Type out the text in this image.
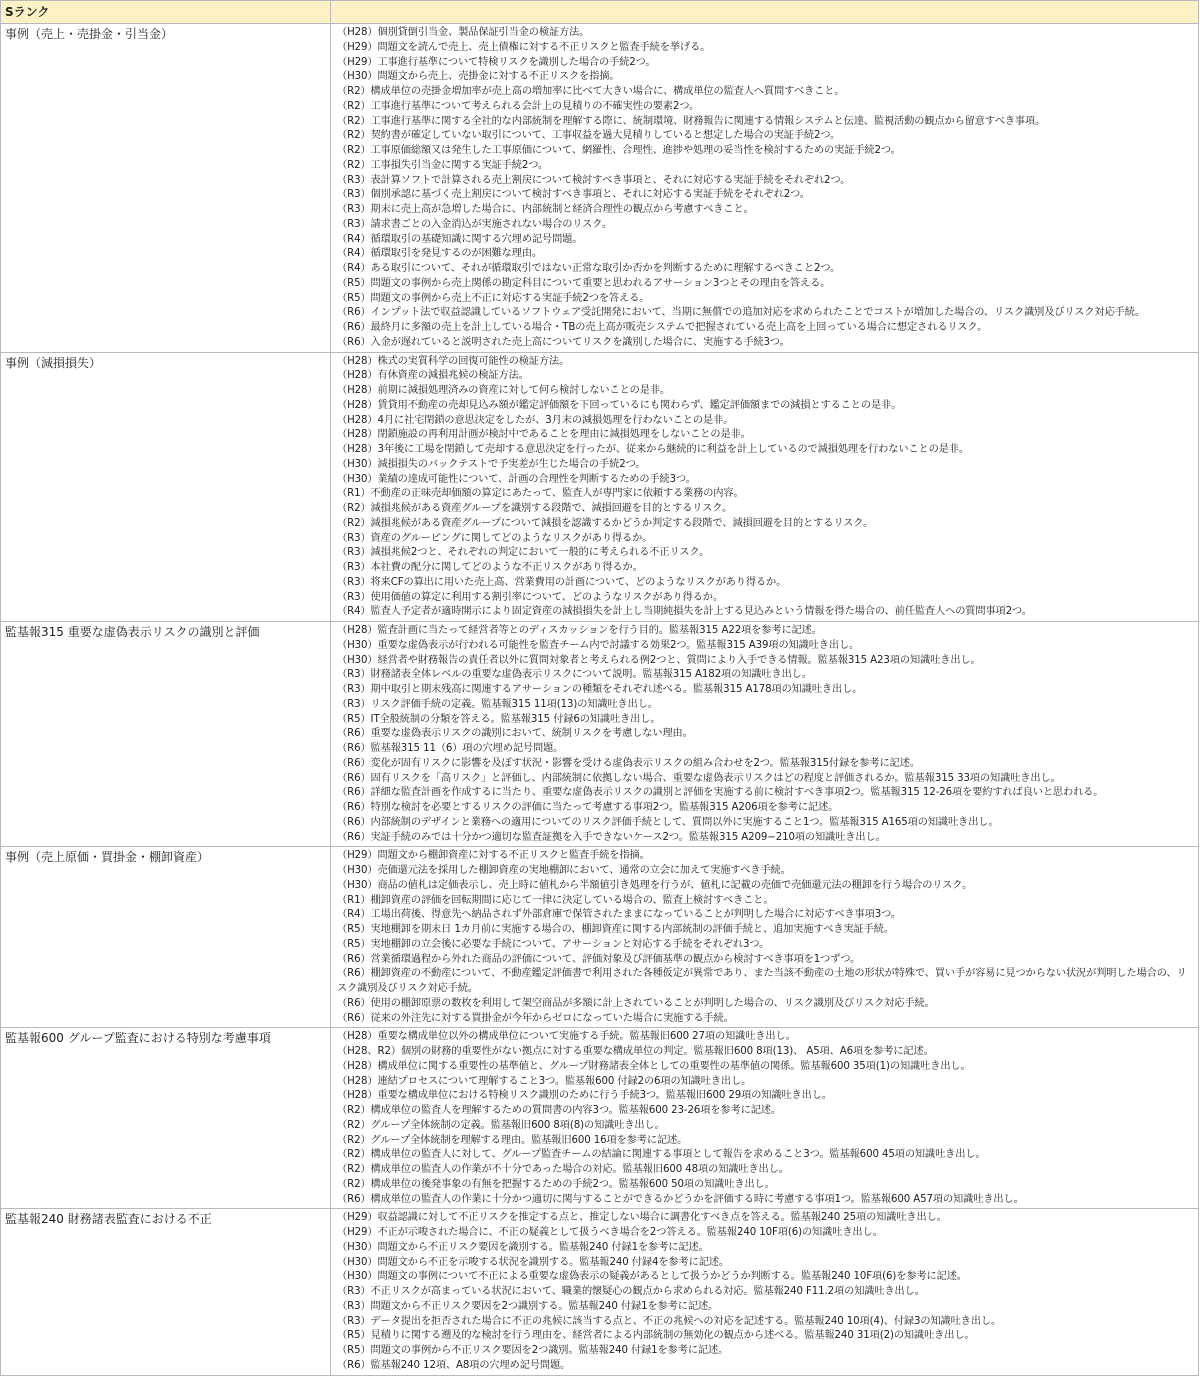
Sランク
事例（売上・売掛金・引当金）	（H28）個別貸倒引当金、製品保証引当金の検証方法。
（H29）問題文を読んで売上、売上債権に対する不正リスクと監査手続を挙げる。
（H29）工事進行基準について特検リスクを識別した場合の手続2つ。
（H30）問題文から売上、売掛金に対する不正リスクを指摘。
（R2）構成単位の売掛金増加率が売上高の増加率に比べて大きい場合に、構成単位の監査人へ質問すべきこと。
（R2）工事進行基準について考えられる会計上の見積りの不確実性の要素2つ。
（R2）工事進行基準に関する全社的な内部統制を理解する際に、統制環境、財務報告に関連する情報システムと伝達、監視活動の観点から留意すべき事項。
（R2）契約書が確定していない取引について、工事収益を過大見積りしていると想定した場合の実証手続2つ。
（R2）工事原価総額又は発生した工事原価について、網羅性、合理性、進捗や処理の妥当性を検討するための実証手続2つ。
（R2）工事損失引当金に関する実証手続2つ。
（R3）表計算ソフトで計算される売上割戻について検討すべき事項と、それに対応する実証手続をそれぞれ2つ。
（R3）個別承認に基づく売上割戻について検討すべき事項と、それに対応する実証手続をそれぞれ2つ。
（R3）期末に売上高が急増した場合に、内部統制と経済合理性の観点から考慮すべきこと。
（R3）請求書ごとの入金消込が実施されない場合のリスク。
（R4）循環取引の基礎知識に関する穴埋め記号問題。
（R4）循環取引を発見するのが困難な理由。
（R4）ある取引について、それが循環取引ではない正常な取引か否かを判断するために理解するべきこと2つ。
（R5）問題文の事例から売上関係の勘定科目について重要と思われるアサーション3つとその理由を答える。
（R5）問題文の事例から売上不正に対応する実証手続2つを答える。
（R6）インプット法で収益認識しているソフトウェア受託開発において、当期に無償での追加対応を求められたことでコストが増加した場合の、リスク識別及びリスク対応手続。
（R6）最終月に多額の売上を計上している場合・TBの売上高が販売システムで把握されている売上高を上回っている場合に想定されるリスク。
（R6）入金が遅れていると説明された売上高についてリスクを識別した場合に、実施する手続3つ。
事例（減損損失）	（H28）株式の実質科学の回復可能性の検証方法。
（H28）有休資産の減損兆候の検証方法。
（H28）前期に減損処理済みの資産に対して何ら検討しないことの是非。
（H28）賃貸用不動産の売却見込み額が鑑定評価額を下回っているにも関わらず、鑑定評価額までの減損とすることの是非。
（H28）4月に社宅閉鎖の意思決定をしたが、3月末の減損処理を行わないことの是非。
（H28）閉鎖施設の再利用計画が検討中であることを理由に減損処理をしないことの是非。
（H28）3年後に工場を閉鎖して売却する意思決定を行ったが、従来から継続的に利益を計上しているので減損処理を行わないことの是非。
（H30）減損損失のバックテストで予実差が生じた場合の手続2つ。
（H30）業績の達成可能性について、計画の合理性を判断するための手続3つ。
（R1）不動産の正味売却価額の算定にあたって、監査人が専門家に依頼する業務の内容。
（R2）減損兆候がある資産グループを識別する段階で、減損回避を目的とするリスク。
（R2）減損兆候がある資産グループについて減損を認識するかどうか判定する段階で、減損回避を目的とするリスク。
（R3）資産のグルーピングに関してどのようなリスクがあり得るか。
（R3）減損兆候2つと、それぞれの判定において一般的に考えられる不正リスク。
（R3）本社費の配分に関してどのような不正リスクがあり得るか。
（R3）将来CFの算出に用いた売上高、営業費用の計画について、どのようなリスクがあり得るか。
（R3）使用価値の算定に利用する割引率について、どのようなリスクがあり得るか。
（R4）監査人予定者が適時開示により固定資産の減損損失を計上し当期純損失を計上する見込みという情報を得た場合の、前任監査人への質問事項2つ。
監基報315 重要な虚偽表示リスクの識別と評価	（H28）監査計画に当たって経営者等とのディスカッションを行う目的。監基報315 A22項を参考に記述。
（H30）重要な虚偽表示が行われる可能性を監査チーム内で討議する効果2つ。監基報315 A39項の知識吐き出し。
（H30）経営者や財務報告の責任者以外に質問対象者と考えられる例2つと、質問により入手できる情報。監基報315 A23項の知識吐き出し。
（R3）財務諸表全体レベルの重要な虚偽表示リスクについて説明。監基報315 A182項の知識吐き出し。
（R3）期中取引と期末残高に関連するアサーションの種類をそれぞれ述べる。監基報315 A178項の知識吐き出し。
（R3）リスク評価手続の定義。監基報315 11項(13)の知識吐き出し。
（R5）IT全般統制の分類を答える。監基報315 付録6の知識吐き出し。
（R6）重要な虚偽表示リスクの識別において、統制リスクを考慮しない理由。
（R6）監基報315 11（6）項の穴埋め記号問題。
（R6）変化が固有リスクに影響を及ぼす状況・影響を受ける虚偽表示リスクの組み合わせを2つ。監基報315付録を参考に記述。
（R6）固有リスクを「高リスク」と評価し、内部統制に依拠しない場合、重要な虚偽表示リスクはどの程度と評価されるか。監基報315 33項の知識吐き出し。
（R6）詳細な監査計画を作成するに当たり、重要な虚偽表示リスクの識別と評価を実施する前に検討すべき事項2つ。監基報315 12-26項を要約すれば良いと思われる。
（R6）特別な検討を必要とするリスクの評価に当たって考慮する事項2つ。監基報315 A206項を参考に記述。
（R6）内部統制のデザインと業務への適用についてのリスク評価手続として、質問以外に実施すること1つ。監基報315 A165項の知識吐き出し。
（R6）実証手続のみでは十分かつ適切な監査証拠を入手できないケース2つ。監基報315 A209−210項の知識吐き出し。
事例（売上原価・買掛金・棚卸資産）	（H29）問題文から棚卸資産に対する不正リスクと監査手続を指摘。
（H30）売価還元法を採用した棚卸資産の実地棚卸において、通常の立会に加えて実施すべき手続。
（H30）商品の値札は定価表示し、売上時に値札から半額値引き処理を行うが、値札に記載の売価で売価還元法の棚卸を行う場合のリスク。
（R1）棚卸資産の評価を回転期間に応じて一律に決定している場合の、監査上検討すべきこと。
（R4）工場出荷後、得意先へ納品されず外部倉庫で保管されたままになっていることが判明した場合に対応すべき事項3つ。
（R5）実地棚卸を期末日 1カ月前に実施する場合の、棚卸資産に関する内部統制の評価手続と、追加実施すべき実証手続。
（R5）実地棚卸の立会後に必要な手続について、アサーションと対応する手続をそれぞれ3つ。
（R6）営業循環過程から外れた商品の評価について、評価対象及び評価基準の観点から検討すべき事項を1つずつ。
（R6）棚卸資産の不動産について、不動産鑑定評価書で利用された各種仮定が異常であり、また当該不動産の土地の形状が特殊で、買い手が容易に見つからない状況が判明した場合の、リスク識別及びリスク対応手続。
（R6）使用の棚卸原票の数枚を利用して架空商品が多額に計上されていることが判明した場合の、リスク識別及びリスク対応手続。
（R6）従来の外注先に対する買掛金が今年からゼロになっていた場合に実施する手続。
監基報600 グループ監査における特別な考慮事項	（H28）重要な構成単位以外の構成単位について実施する手続。監基報旧600 27項の知識吐き出し。
（H28、R2）個別の財務的重要性がない拠点に対する重要な構成単位の判定。監基報旧600 8項(13)、 A5項、A6項を参考に記述。
（H28）構成単位に関する重要性の基準値と、グループ財務諸表全体としての重要性の基準値の関係。監基報600 35項(1)の知識吐き出し。
（H28）連結プロセスについて理解すること3つ。監基報600 付録2の6項の知識吐き出し。
（H28）重要な構成単位における特検リスク識別のために行う手続3つ。監基報旧600 29項の知識吐き出し。
（R2）構成単位の監査人を理解するための質問書の内容3つ。監基報600 23-26項を参考に記述。
（R2）グループ全体統制の定義。監基報旧600 8項(8)の知識吐き出し。
（R2）グループ全体統制を理解する理由。監基報旧600 16項を参考に記述。
（R2）構成単位の監査人に対して、グループ監査チームの結論に関連する事項として報告を求めること3つ。監基報600 45項の知識吐き出し。
（R2）構成単位の監査人の作業が不十分であった場合の対応。監基報旧600 48項の知識吐き出し。
（R2）構成単位の後発事象の有無を把握するための手続2つ。監基報600 50項の知識吐き出し。
（R6）構成単位の監査人の作業に十分かつ適切に関与することができるかどうかを評価する時に考慮する事項1つ。監基報600 A57項の知識吐き出し。
監基報240 財務諸表監査における不正	（H29）収益認識に対して不正リスクを推定する点と、推定しない場合に調書化すべき点を答える。監基報240 25項の知識吐き出し。
（H29）不正が示唆された場合に、不正の疑義として扱うべき場合を2つ答える。監基報240 10F項(6)の知識吐き出し。
（H30）問題文から不正リスク要因を識別する。監基報240 付録1を参考に記述。
（H30）問題文から不正を示唆する状況を識別する。監基報240 付録4を参考に記述。
（H30）問題文の事例について不正による重要な虚偽表示の疑義があるとして扱うかどうか判断する。監基報240 10F項(6)を参考に記述。
（R3）不正リスクが高まっている状況において、職業的懐疑心の観点から求められる対応。監基報240 F11.2項の知識吐き出し。
（R3）問題文から不正リスク要因を2つ識別する。監基報240 付録1を参考に記述。
（R3）データ提出を拒否された場合に不正の兆候に該当する点と、不正の兆候への対応を記述する。監基報240 10項(4)、付録3の知識吐き出し。
（R5）見積りに関する遡及的な検討を行う理由を、経営者による内部統制の無効化の観点から述べる。監基報240 31項(2)の知識吐き出し。
（R5）問題文の事例から不正リスク要因を2つ識別。監基報240 付録1を参考に記述。
（R6）監基報240 12項、A8項の穴埋め記号問題。
